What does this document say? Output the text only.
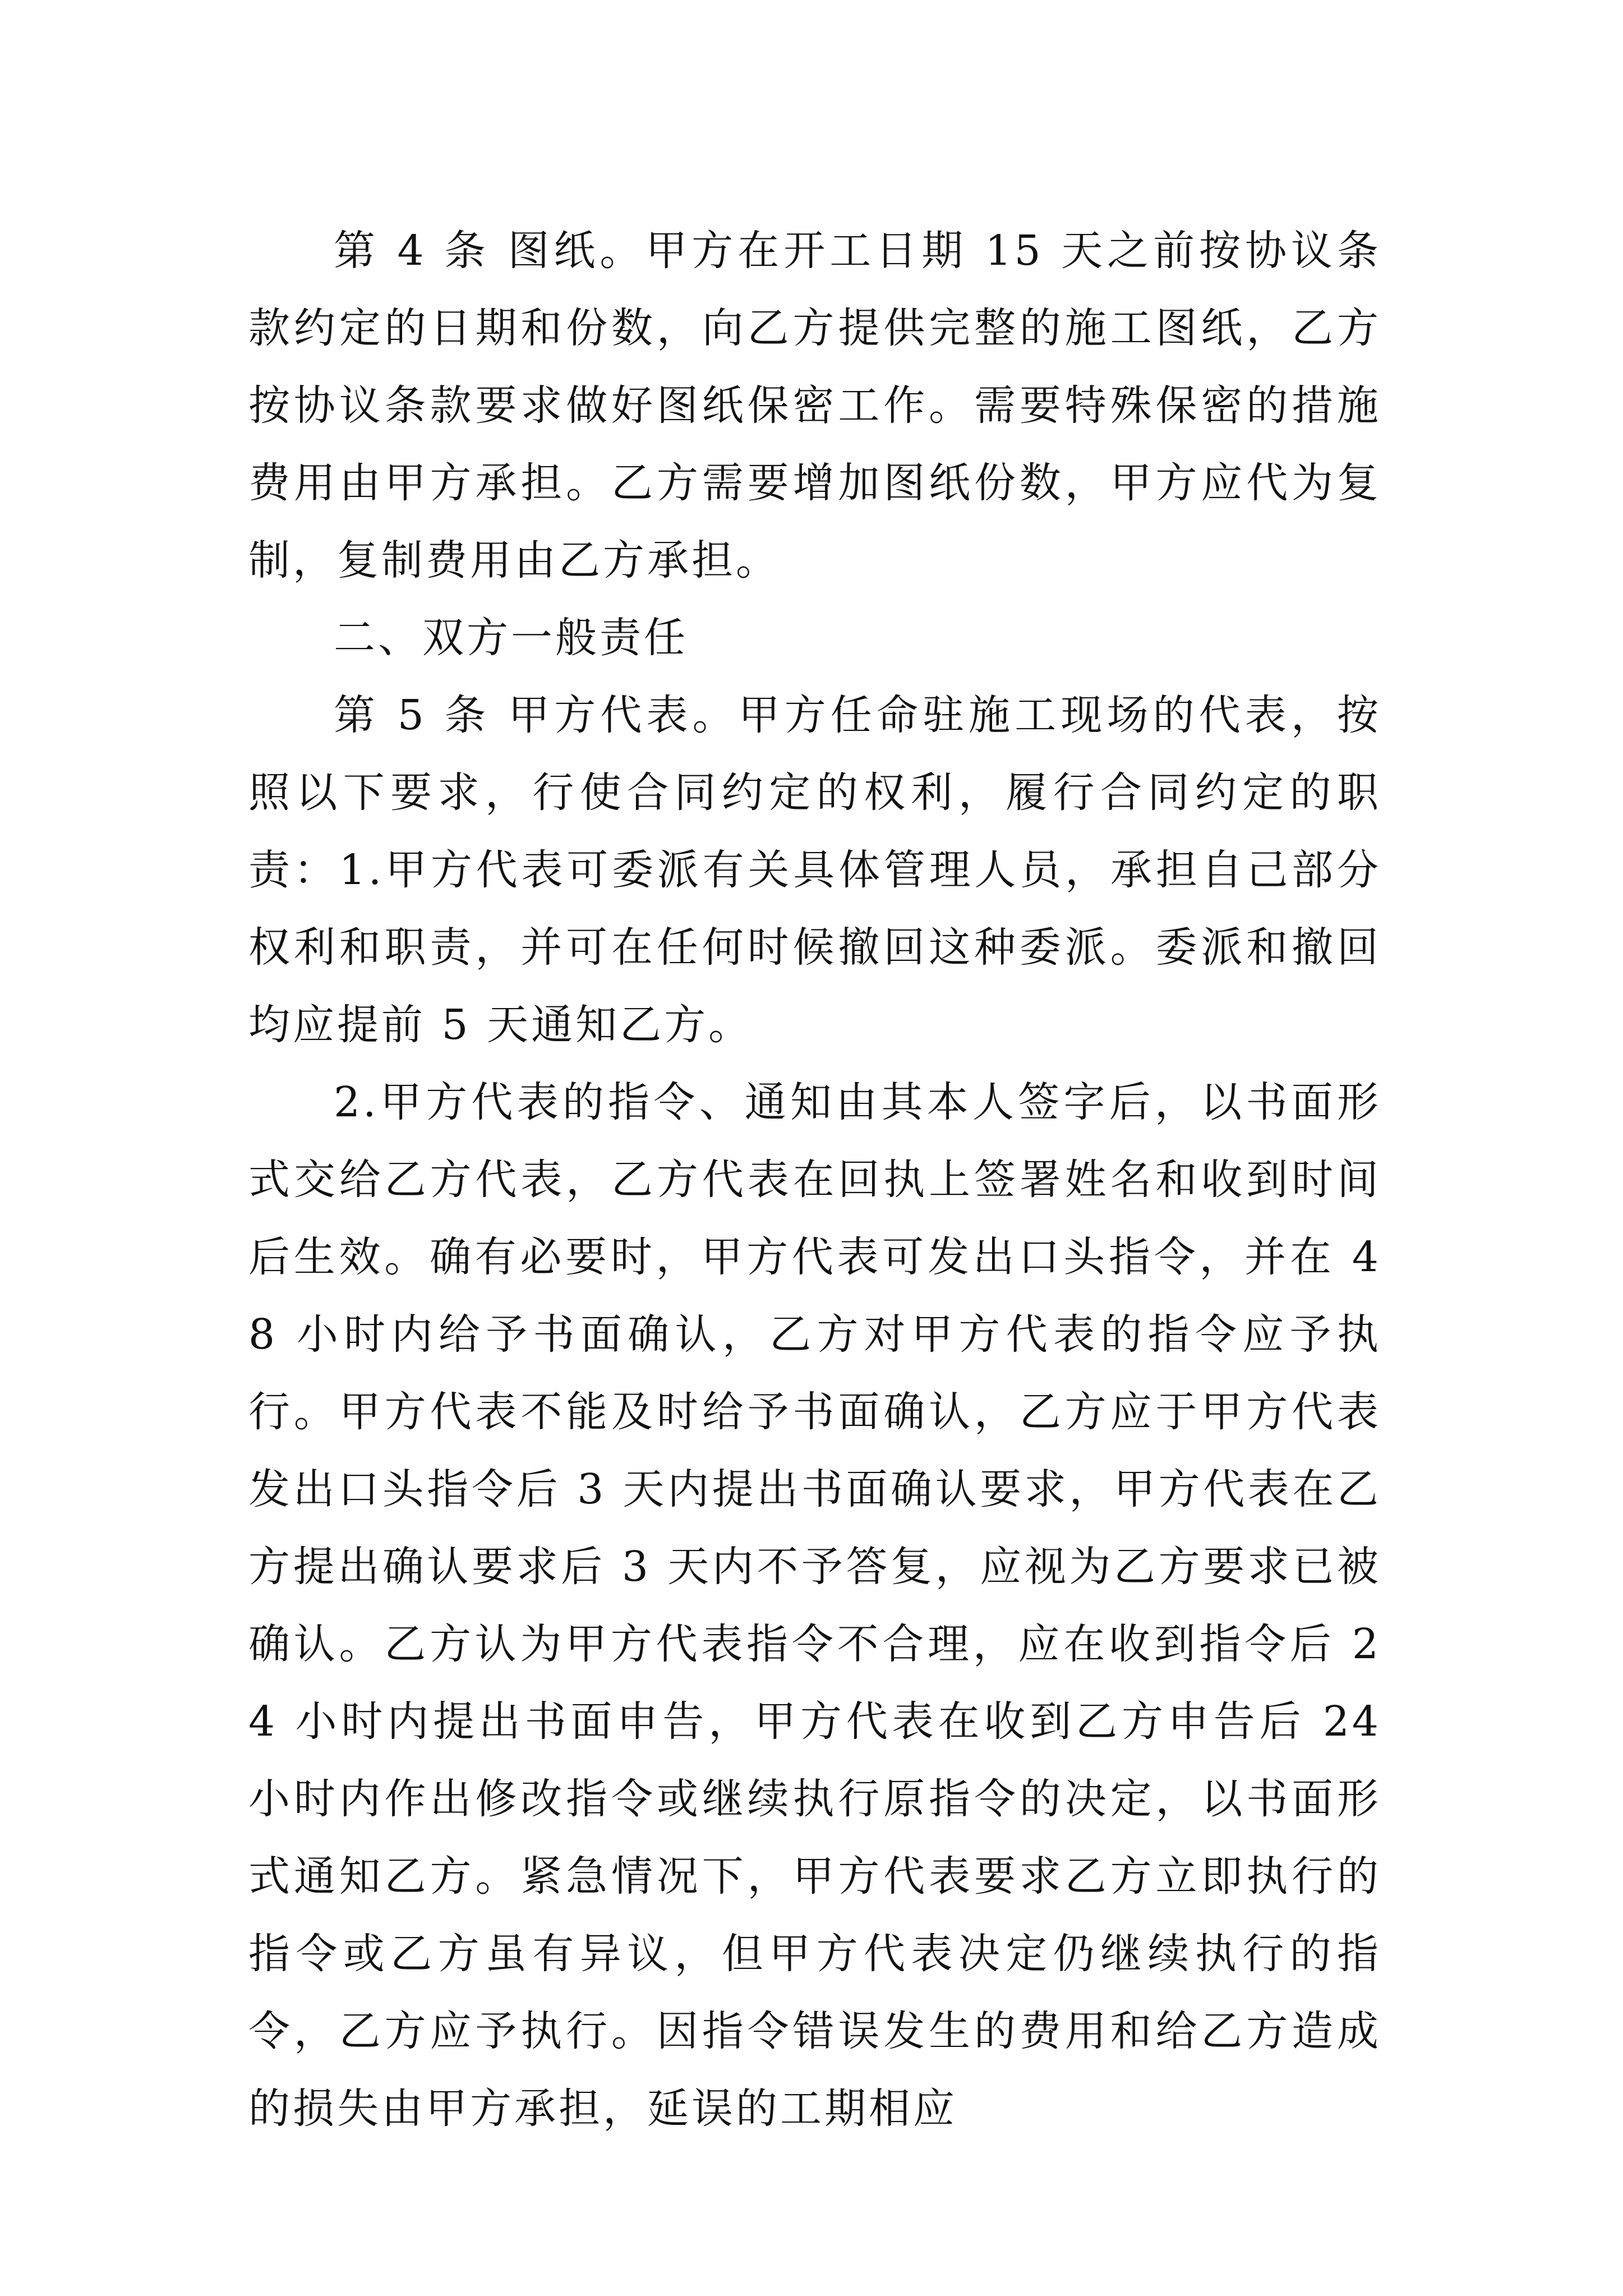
第 4 条 图纸。甲方在开工日期 15 天之前按协议条款约定的日期和份数，向乙方提供完整的施工图纸，乙方按协议条款要求做好图纸保密工作。需要特殊保密的措施费用由甲方承担。乙方需要增加图纸份数，甲方应代为复制，复制费用由乙方承担。

二、双方一般责任

第 5 条 甲方代表。甲方任命驻施工现场的代表，按照以下要求，行使合同约定的权利，履行合同约定的职责：1.甲方代表可委派有关具体管理人员，承担自己部分权利和职责，并可在任何时候撤回这种委派。委派和撤回均应提前 5 天通知乙方。

2.甲方代表的指令、通知由其本人签字后，以书面形式交给乙方代表，乙方代表在回执上签署姓名和收到时间后生效。确有必要时，甲方代表可发出口头指令，并在 48 小时内给予书面确认，乙方对甲方代表的指令应予执行。甲方代表不能及时给予书面确认，乙方应于甲方代表发出口头指令后 3 天内提出书面确认要求，甲方代表在乙方提出确认要求后 3 天内不予答复，应视为乙方要求已被确认。乙方认为甲方代表指令不合理，应在收到指令后 24 小时内提出书面申告，甲方代表在收到乙方申告后 24 小时内作出修改指令或继续执行原指令的决定，以书面形式通知乙方。紧急情况下，甲方代表要求乙方立即执行的指令或乙方虽有异议，但甲方代表决定仍继续执行的指令，乙方应予执行。因指令错误发生的费用和给乙方造成的损失由甲方承担，延误的工期相应
